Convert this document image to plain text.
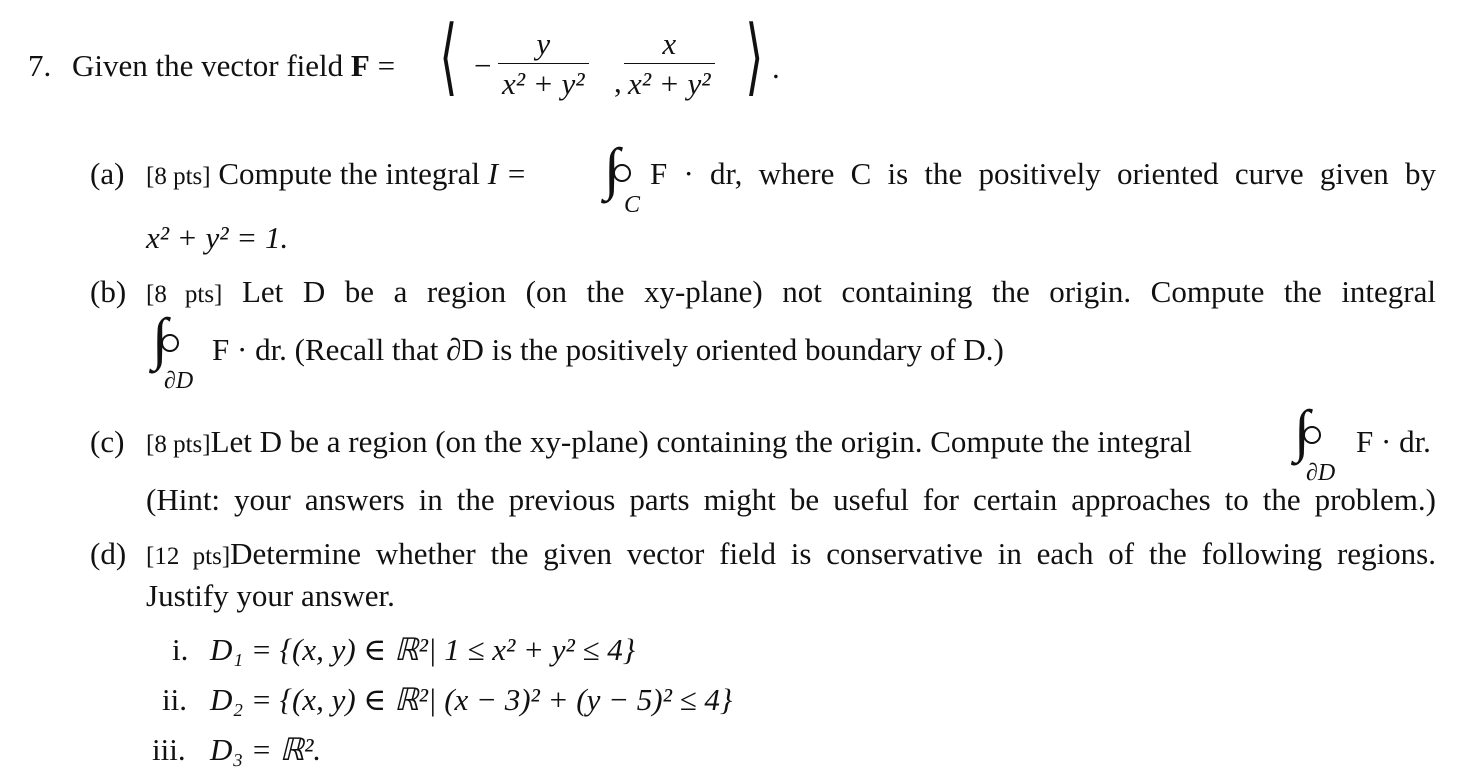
7. Given the vector field F = ⟨ − $\frac{y}{\text{x² + y²}}$ , $\frac{x}{\text{x² + y²}}$ ⟩ .
(a) [8 pts] Compute the integral I = ∫
C
F · dr, where C is the positively oriented curve given by
x² + y² = 1.
(b) [8 pts] Let D be a region (on the xy-plane) not containing the origin. Compute the integral
∫
∂D
F · dr. (Recall that ∂D is the positively oriented boundary of D.)
(c) [8 pts]Let D be a region (on the xy-plane) containing the origin. Compute the integral ∫
∂D
F · dr.
(Hint: your answers in the previous parts might be useful for certain approaches to the problem.)
(d) [12 pts]Determine whether the given vector field is conservative in each of the following regions.
Justify your answer.
i. D₁ = {(x, y) ∈ ℝ²| 1 ≤ x² + y² ≤ 4}
ii. D₂ = {(x, y) ∈ ℝ²| (x − 3)² + (y − 5)² ≤ 4}
iii. D₃ = ℝ².
